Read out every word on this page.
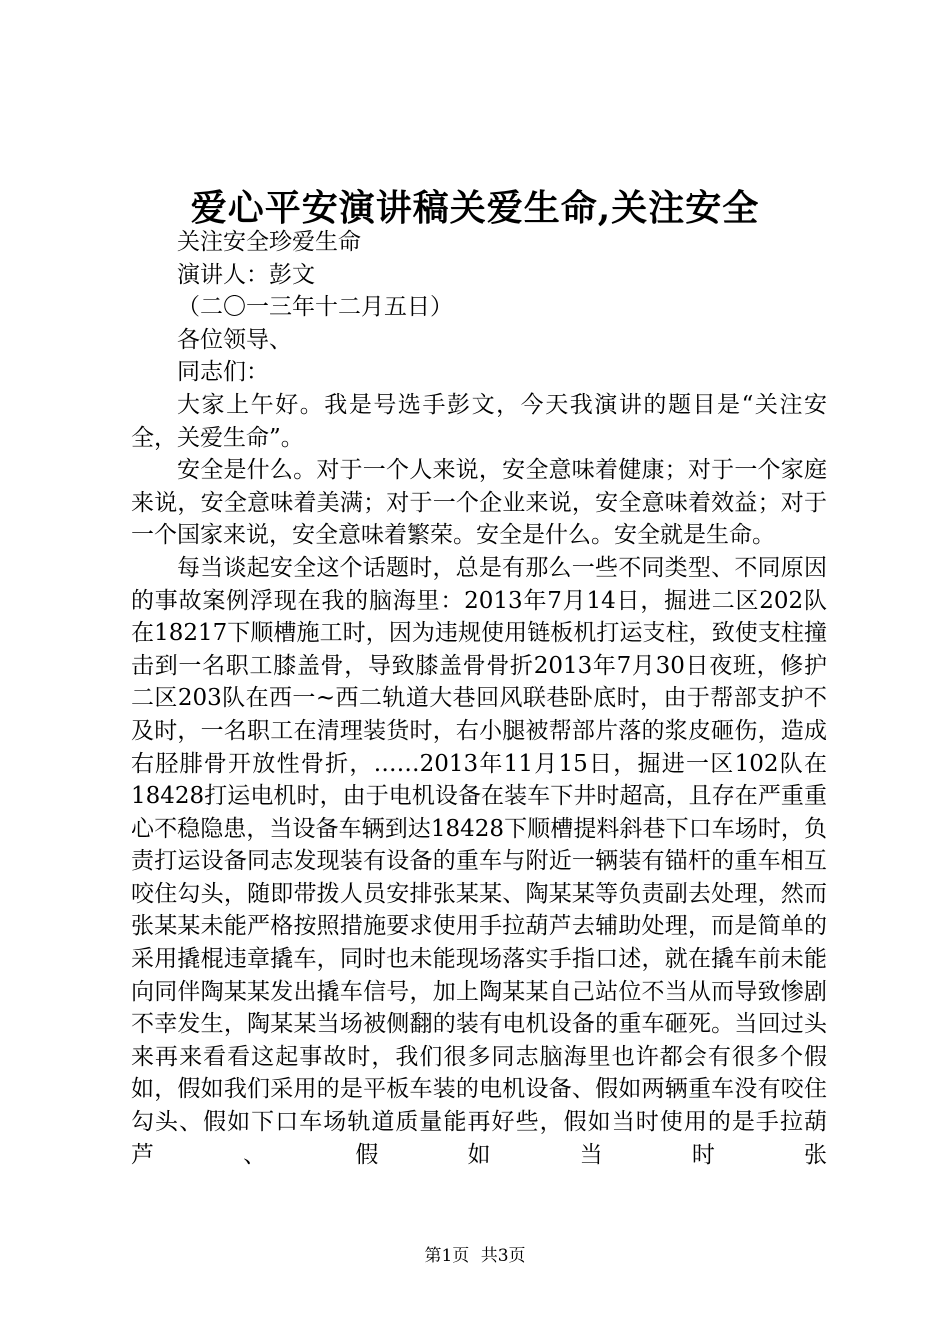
爱心平安演讲稿关爱生命,关注安全

关注安全珍爱生命

演讲人：彭文

（二〇一三年十二月五日）

各位领导、

同志们：

大家上午好。我是号选手彭文，今天我演讲的题目是“关注安全，关爱生命”。

安全是什么。对于一个人来说，安全意味着健康；对于一个家庭来说，安全意味着美满；对于一个企业来说，安全意味着效益；对于一个国家来说，安全意味着繁荣。安全是什么。安全就是生命。

每当谈起安全这个话题时，总是有那么一些不同类型、不同原因的事故案例浮现在我的脑海里：2013年7月14日，掘进二区202队在18217下顺槽施工时，因为违规使用链板机打运支柱，致使支柱撞击到一名职工膝盖骨，导致膝盖骨骨折2013年7月30日夜班，修护二区203队在西一~西二轨道大巷回风联巷卧底时，由于帮部支护不及时，一名职工在清理装货时，右小腿被帮部片落的浆皮砸伤，造成右胫腓骨开放性骨折，……2013年11月15日，掘进一区102队在18428打运电机时，由于电机设备在装车下井时超高，且存在严重重心不稳隐患，当设备车辆到达18428下顺槽提料斜巷下口车场时，负责打运设备同志发现装有设备的重车与附近一辆装有锚杆的重车相互咬住勾头，随即带拨人员安排张某某、陶某某等负责副去处理，然而张某某未能严格按照措施要求使用手拉葫芦去辅助处理，而是简单的采用撬棍违章撬车，同时也未能现场落实手指口述，就在撬车前未能向同伴陶某某发出撬车信号，加上陶某某自己站位不当从而导致惨剧不幸发生，陶某某当场被侧翻的装有电机设备的重车砸死。当回过头来再来看看这起事故时，我们很多同志脑海里也许都会有很多个假如，假如我们采用的是平板车装的电机设备、假如两辆重车没有咬住勾头、假如下口车场轨道质量能再好些，假如当时使用的是手拉葫芦、假如当时张

第1页 共3页
